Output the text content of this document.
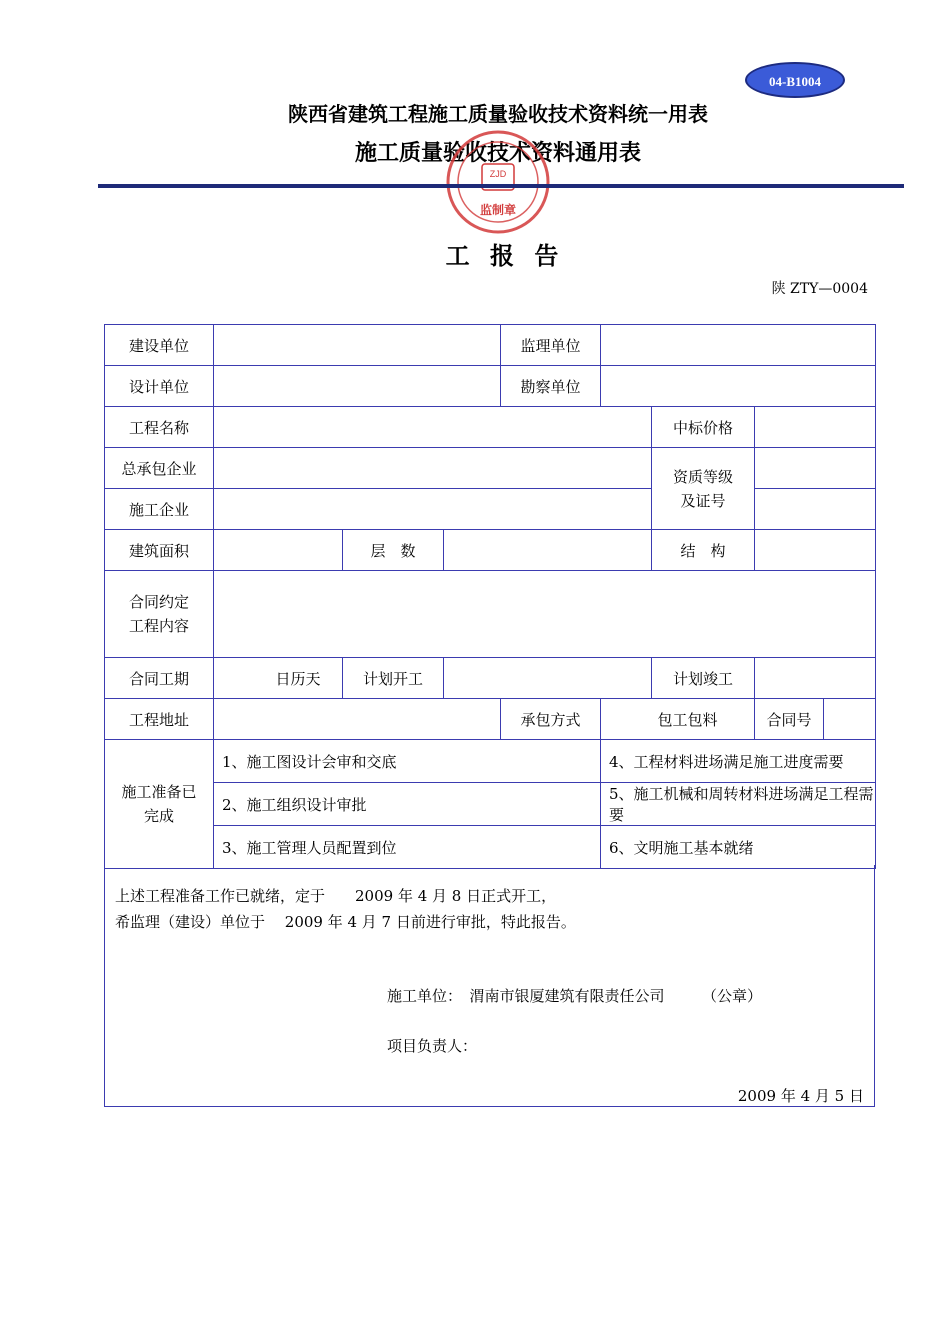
04-B1004
陕西省建筑工程施工质量验收技术资料统一用表
施工质量验收技术资料通用表
ZJD
监制章
工 报 告
陕 ZTY—0004
建设单位				监理单位				
设计单位				勘察单位				
工程名称						中标价格		
总承包企业						资质等级
及证号		
施工企业								
建筑面积		层　数				结　构		
合同约定
工程内容								
合同工期	日历天	计划开工				计划竣工		
工程地址				承包方式	包工包料		合同号	
施工准备已
完成	1、施工图设计会审和交底				4、工程材料进场满足施工进度需要			
	2、施工组织设计审批				5、施工机械和周转材料进场满足工程需要			
	3、施工管理人员配置到位				6、文明施工基本就绪			
上述工程准备工作已就绪，定于　　2009 年 4 月 8 日正式开工，
希监理（建设）单位于　 2009 年 4 月 7 日前进行审批，特此报告。
施工单位：　渭南市银厦建筑有限责任公司　　　（公章）
项目负责人：
2009 年 4 月 5 日
